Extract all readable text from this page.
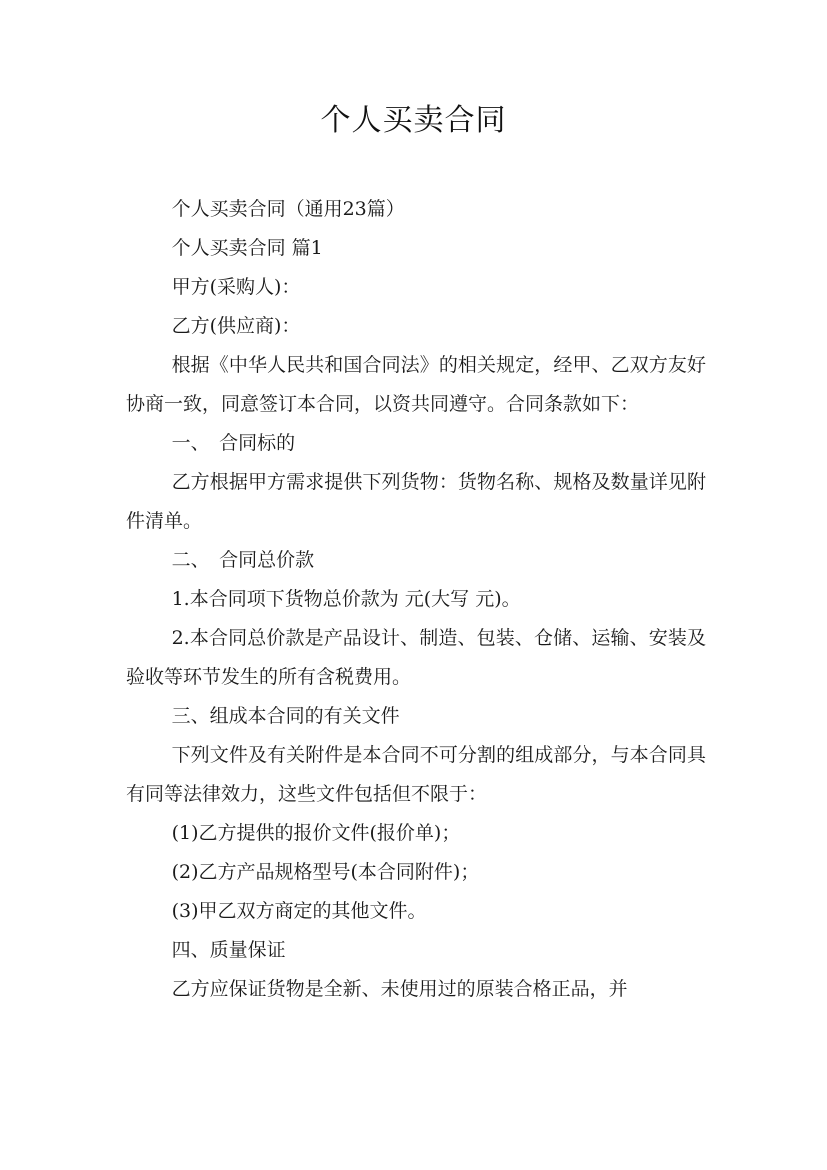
个人买卖合同

个人买卖合同（通用23篇）

个人买卖合同 篇1

甲方(采购人)：

乙方(供应商)：

根据《中华人民共和国合同法》的相关规定，经甲、乙双方友好协商一致，同意签订本合同，以资共同遵守。合同条款如下：

一、　合同标的

乙方根据甲方需求提供下列货物：货物名称、规格及数量详见附件清单。

二、　合同总价款

1.本合同项下货物总价款为 元(大写 元)。

2.本合同总价款是产品设计、制造、包装、仓储、运输、安装及验收等环节发生的所有含税费用。

三、组成本合同的有关文件

下列文件及有关附件是本合同不可分割的组成部分，与本合同具有同等法律效力，这些文件包括但不限于：

(1)乙方提供的报价文件(报价单)；

(2)乙方产品规格型号(本合同附件)；

(3)甲乙双方商定的其他文件。

四、质量保证

乙方应保证货物是全新、未使用过的原装合格正品，并
